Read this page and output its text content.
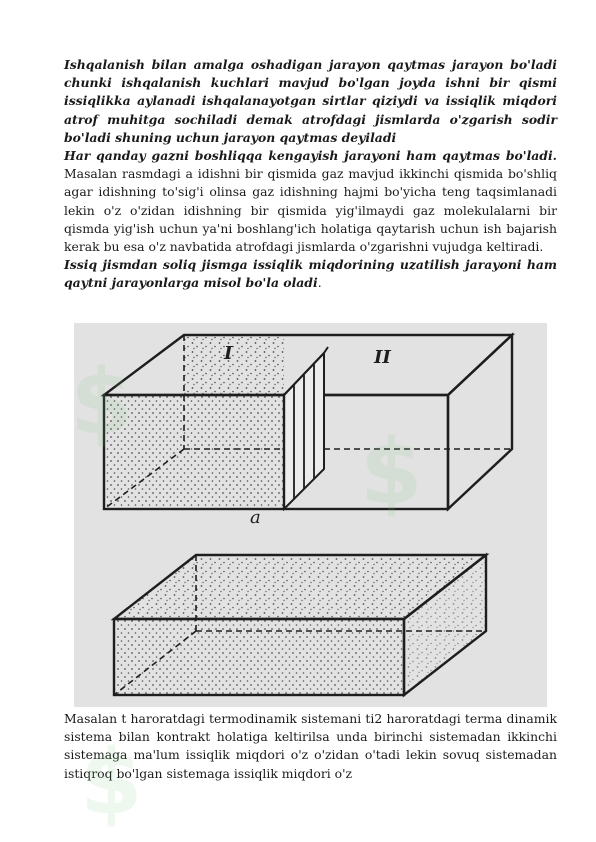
Ishqalanish bilan amalga oshadigan jarayon qaytmas jarayon bo'ladi chunki ishqalanish kuchlari mavjud bo'lgan joyda ishni bir qismi issiqlikka aylanadi ishqalanayotgan sirtlar qiziydi va issiqlik miqdori atrof muhitga sochiladi demak atrofdagi jismlarda o'zgarish sodir bo'ladi shuning uchun jarayon qaytmas deyiladi
Har qanday gazni boshliqqa kengayish jarayoni ham qaytmas bo'ladi. Masalan rasmdagi a idishni bir qismida gaz mavjud ikkinchi qismida bo'shliq agar idishning to'sig'i olinsa gaz idishning hajmi bo'yicha teng taqsimlanadi lekin o'z o'zidan idishning bir qismida yig'ilmaydi gaz molekulalarni bir qismda yig'ish uchun ya'ni boshlang'ich holatiga qaytarish uchun ish bajarish kerak bu esa o'z navbatida atrofdagi jismlarda o'zgarishni vujudga keltiradi.
Issiq jismdan soliq jismga issiqlik miqdorining uzatilish jarayoni ham qaytni jarayonlarga misol bo'la oladi.
I	II
a
Masalan t haroratdagi termodinamik sistemani ti2 haroratdagi terma dinamik sistema bilan kontrakt holatiga keltirilsa unda birinchi sistemadan ikkinchi sistemaga ma'lum issiqlik miqdori o'z o'zidan o'tadi lekin sovuq sistemadan istiqroq bo'lgan sistemaga issiqlik miqdori o'z
$
